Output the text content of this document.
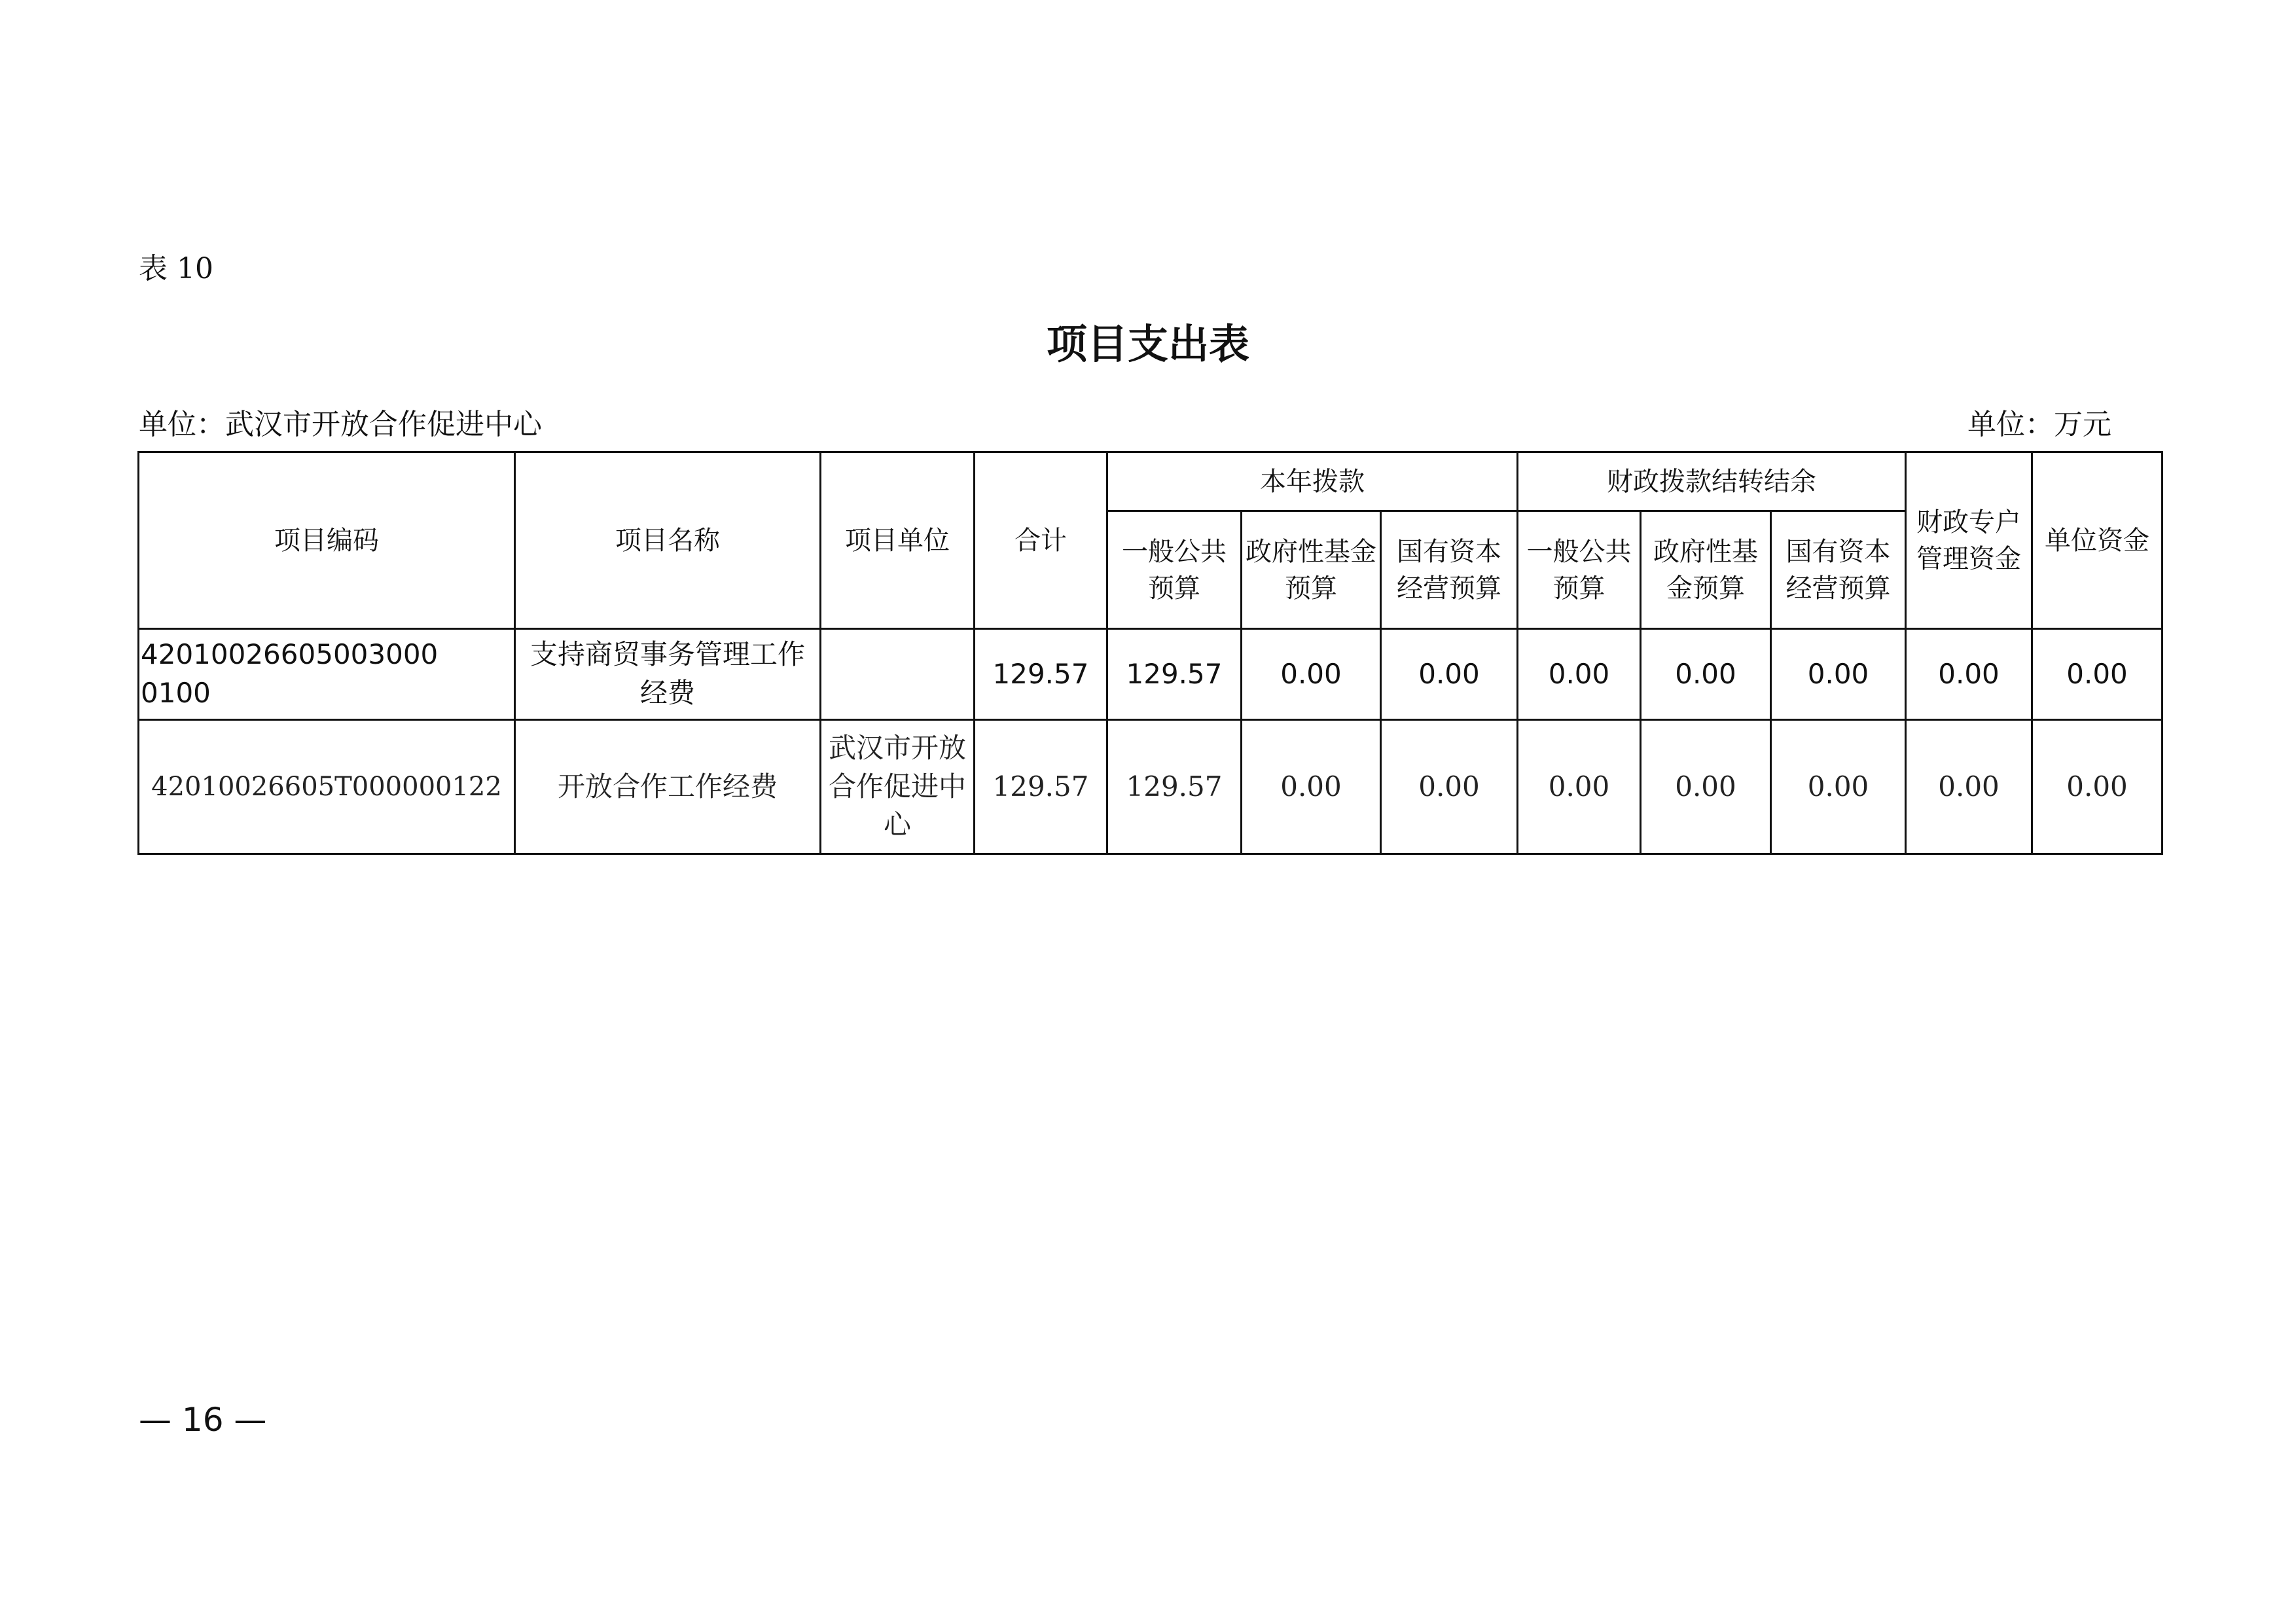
表 10
项目支出表
单位：武汉市开放合作促进中心	单位：万元
项目编码	项目名称	项目单位	合计	本年拨款			财政拨款结转结余			财政专户管理资金	单位资金
				一般公共预算	政府性基金预算	国有资本经营预算	一般公共预算	政府性基金预算	国有资本经营预算		
42010026605003000 0100	支持商贸事务管理工作经费		129.57	129.57	0.00	0.00	0.00	0.00	0.00	0.00	0.00
42010026605T000000122	开放合作工作经费	武汉市开放合作促进中心	129.57	129.57	0.00	0.00	0.00	0.00	0.00	0.00	0.00
— 16 —
